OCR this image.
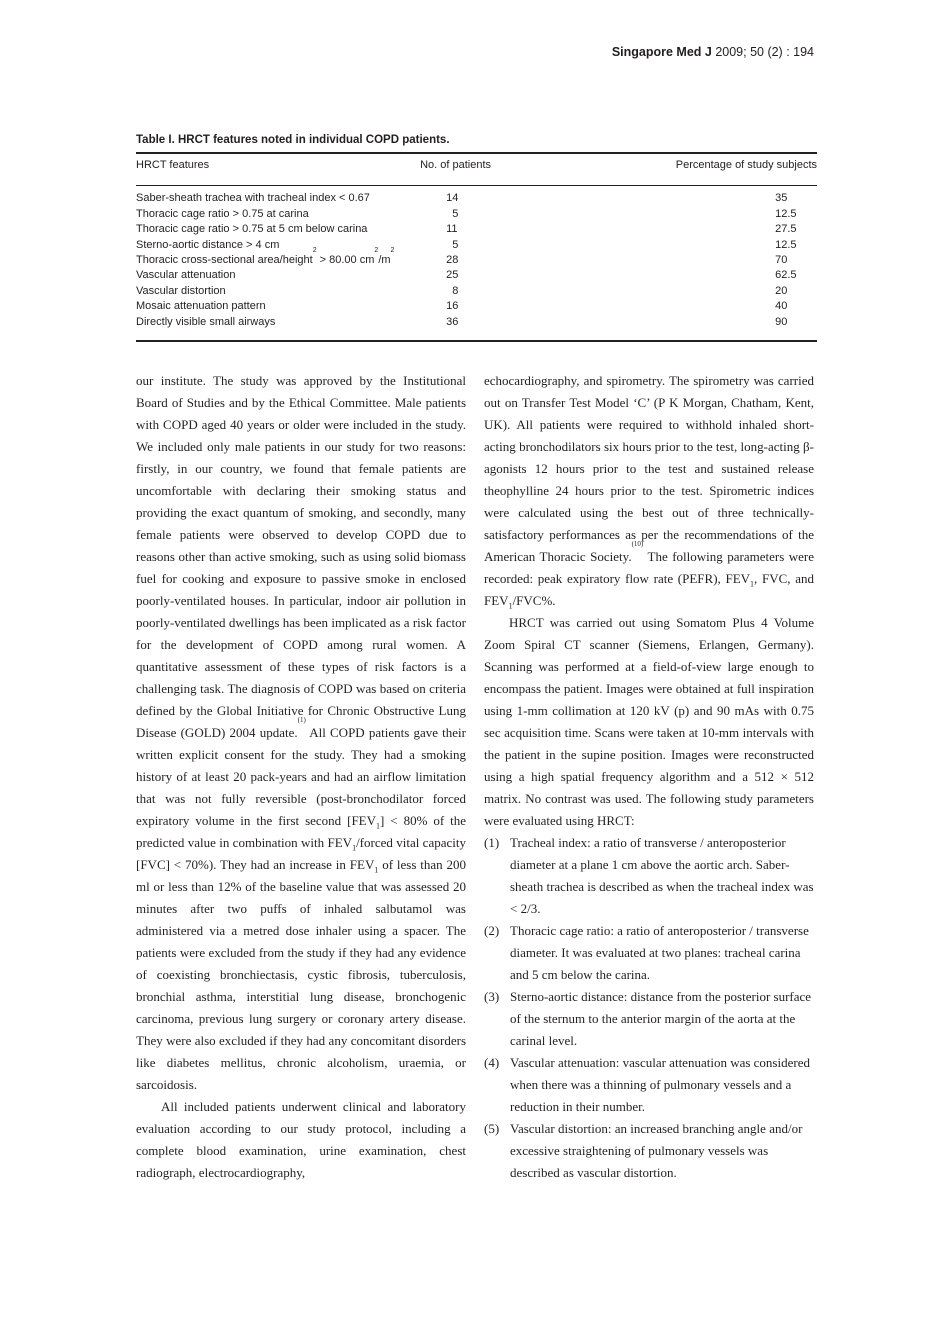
Singapore Med J 2009; 50 (2) : 194

Table I. HRCT features noted in individual COPD patients.

HRCT features	No. of patients	Percentage of study subjects
Saber-sheath trachea with tracheal index < 0.67	14	35
Thoracic cage ratio > 0.75 at carina	5	12.5
Thoracic cage ratio > 0.75 at 5 cm below carina	11	27.5
Sterno-aortic distance > 4 cm	5	12.5
Thoracic cross-sectional area/height$^2$ > 80.00 $cm^2/m^2$	28	70
Vascular attenuation	25	62.5
Vascular distortion	8	20
Mosaic attenuation pattern	16	40
Directly visible small airways	36	90

our institute. The study was approved by the Institutional Board of Studies and by the Ethical Committee. Male patients with COPD aged 40 years or older were included in the study. We included only male patients in our study for two reasons: firstly, in our country, we found that female patients are uncomfortable with declaring their smoking status and providing the exact quantum of smoking, and secondly, many female patients were observed to develop COPD due to reasons other than active smoking, such as using solid biomass fuel for cooking and exposure to passive smoke in enclosed poorly-ventilated houses. In particular, indoor air pollution in poorly-ventilated dwellings has been implicated as a risk factor for the development of COPD among rural women. A quantitative assessment of these types of risk factors is a challenging task. The diagnosis of COPD was based on criteria defined by the Global Initiative for Chronic Obstructive Lung Disease (GOLD) 2004 update.$^{(1)}$ All COPD patients gave their written explicit consent for the study. They had a smoking history of at least 20 pack-years and had an airflow limitation that was not fully reversible (post-bronchodilator forced expiratory volume in the first second $[FEV_1] < 80\%$ of the predicted value in combination with $FEV_1$/forced vital capacity [FVC] < 70%). They had an increase in $FEV_1$ of less than 200 ml or less than 12% of the baseline value that was assessed 20 minutes after two puffs of inhaled salbutamol was administered via a metred dose inhaler using a spacer. The patients were excluded from the study if they had any evidence of coexisting bronchiectasis, cystic fibrosis, tuberculosis, bronchial asthma, interstitial lung disease, bronchogenic carcinoma, previous lung surgery or coronary artery disease. They were also excluded if they had any concomitant disorders like diabetes mellitus, chronic alcoholism, uraemia, or sarcoidosis.

All included patients underwent clinical and laboratory evaluation according to our study protocol, including a complete blood examination, urine examination, chest radiograph, electrocardiography,

echocardiography, and spirometry. The spirometry was carried out on Transfer Test Model ‘C’ (P K Morgan, Chatham, Kent, UK). All patients were required to withhold inhaled short-acting bronchodilators six hours prior to the test, long-acting β-agonists 12 hours prior to the test and sustained release theophylline 24 hours prior to the test. Spirometric indices were calculated using the best out of three technically-satisfactory performances as per the recommendations of the American Thoracic Society.$^{(10)}$ The following parameters were recorded: peak expiratory flow rate (PEFR), $FEV_1$, FVC, and $FEV_1/FVC\%$.

HRCT was carried out using Somatom Plus 4 Volume Zoom Spiral CT scanner (Siemens, Erlangen, Germany). Scanning was performed at a field-of-view large enough to encompass the patient. Images were obtained at full inspiration using 1-mm collimation at 120 kV (p) and 90 mAs with 0.75 sec acquisition time. Scans were taken at 10-mm intervals with the patient in the supine position. Images were reconstructed using a high spatial frequency algorithm and a 512 × 512 matrix. No contrast was used. The following study parameters were evaluated using HRCT:

(1) Tracheal index: a ratio of transverse / anteroposterior diameter at a plane 1 cm above the aortic arch. Saber-sheath trachea is described as when the tracheal index was < 2/3.
(2) Thoracic cage ratio: a ratio of anteroposterior / transverse diameter. It was evaluated at two planes: tracheal carina and 5 cm below the carina.
(3) Sterno-aortic distance: distance from the posterior surface of the sternum to the anterior margin of the aorta at the carinal level.
(4) Vascular attenuation: vascular attenuation was considered when there was a thinning of pulmonary vessels and a reduction in their number.
(5) Vascular distortion: an increased branching angle and/or excessive straightening of pulmonary vessels was described as vascular distortion.
